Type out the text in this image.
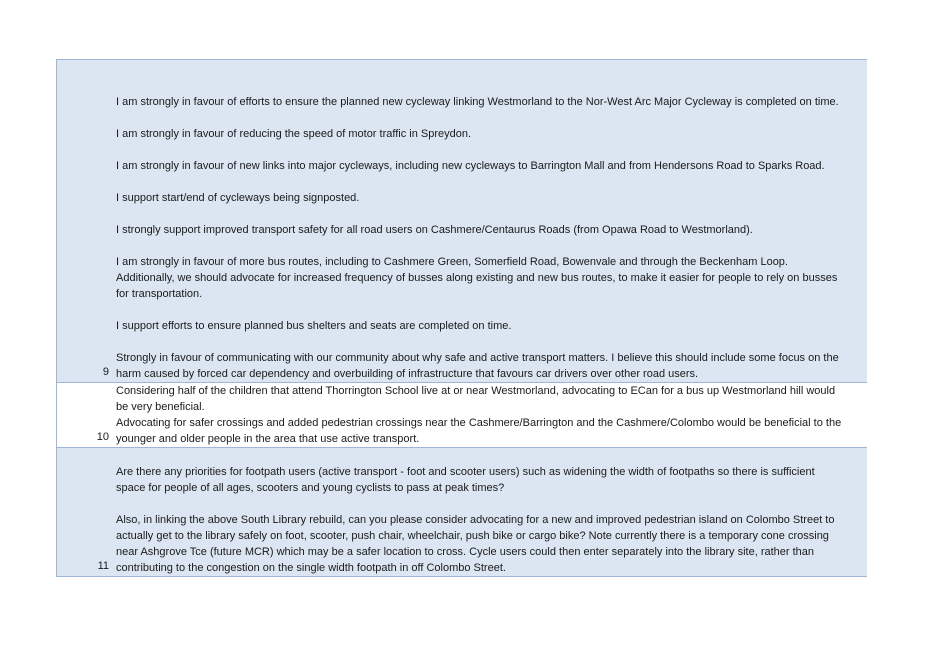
I am strongly in favour of efforts to ensure the planned new cycleway linking Westmorland to the Nor-West Arc Major Cycleway is completed on time.

I am strongly in favour of reducing the speed of motor traffic in Spreydon.

I am strongly in favour of new links into major cycleways, including new cycleways to Barrington Mall and from Hendersons Road to Sparks Road.

I support start/end of cycleways being signposted.

I strongly support improved transport safety for all road users on Cashmere/Centaurus Roads (from Opawa Road to Westmorland).

I am strongly in favour of more bus routes, including to Cashmere Green, Somerfield Road, Bowenvale and through the Beckenham Loop. Additionally, we should advocate for increased frequency of busses along existing and new bus routes, to make it easier for people to rely on busses for transportation.

I support efforts to ensure planned bus shelters and seats are completed on time.

Strongly in favour of communicating with our community about why safe and active transport matters. I believe this should include some focus on the harm caused by forced car dependency and overbuilding of infrastructure that favours car drivers over other road users.

9

Considering half of the children that attend Thorrington School live at or near Westmorland, advocating to ECan for a bus up Westmorland hill would be very beneficial.

Advocating for safer crossings and added pedestrian crossings near the Cashmere/Barrington and the Cashmere/Colombo would be beneficial to the younger and older people in the area that use active transport.

10

Are there any priorities for footpath users (active transport - foot and scooter users) such as widening the width of footpaths so there is sufficient space for people of all ages, scooters and young cyclists to pass at peak times?

Also, in linking the above South Library rebuild, can you please consider advocating for a new and improved pedestrian island on Colombo Street to actually get to the library safely on foot, scooter, push chair, wheelchair, push bike or cargo bike? Note currently there is a temporary cone crossing near Ashgrove Tce (future MCR) which may be a safer location to cross. Cycle users could then enter separately into the library site, rather than contributing to the congestion on the single width footpath in off Colombo Street.

11
